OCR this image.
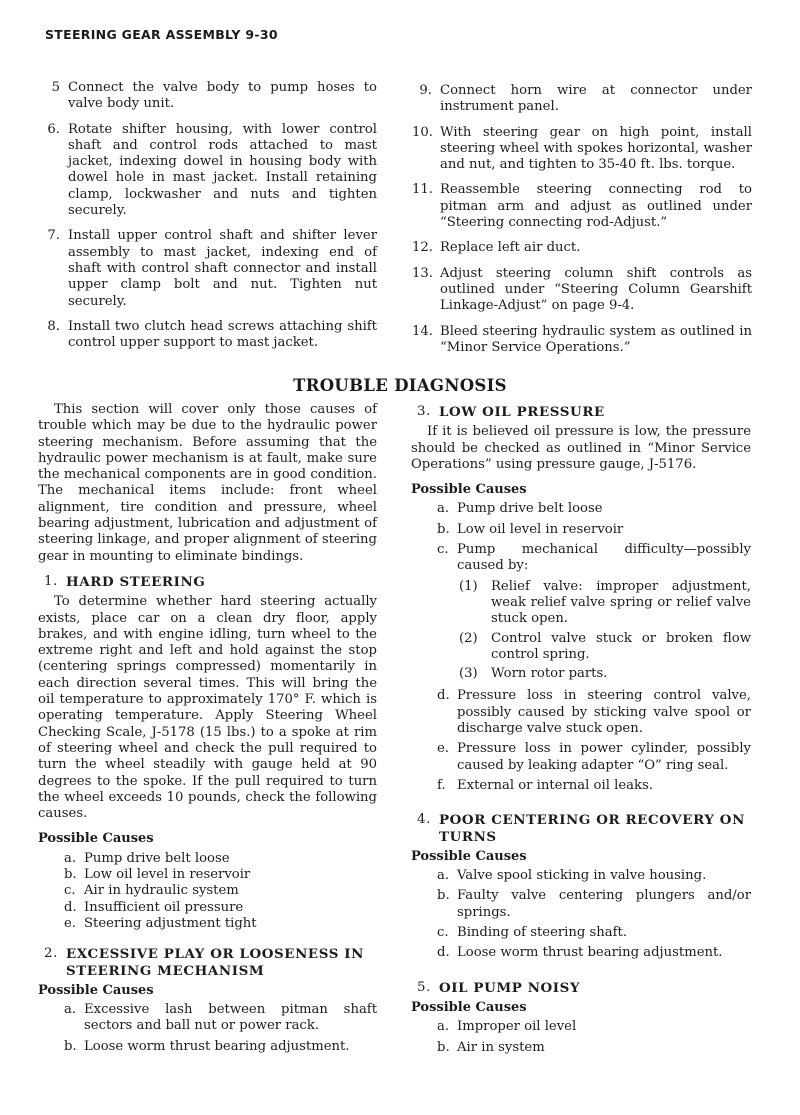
STEERING GEAR ASSEMBLY 9-30
5 Connect the valve body to pump hoses to valve body unit.
6. Rotate shifter housing, with lower control shaft and control rods attached to mast jacket, indexing dowel in housing body with dowel hole in mast jacket. Install retaining clamp, lockwasher and nuts and tighten securely.
7. Install upper control shaft and shifter lever assembly to mast jacket, indexing end of shaft with control shaft connector and install upper clamp bolt and nut. Tighten nut securely.
8. Install two clutch head screws attaching shift control upper support to mast jacket.
9. Connect horn wire at connector under instrument panel.
10. With steering gear on high point, install steering wheel with spokes horizontal, washer and nut, and tighten to 35-40 ft. lbs. torque.
11. Reassemble steering connecting rod to pitman arm and adjust as outlined under “Steering connecting rod-Adjust.”
12. Replace left air duct.
13. Adjust steering column shift controls as outlined under “Steering Column Gearshift Linkage-Adjust” on page 9-4.
14. Bleed steering hydraulic system as outlined in “Minor Service Operations.”
TROUBLE DIAGNOSIS

This section will cover only those causes of trouble which may be due to the hydraulic power steering mechanism. Before assuming that the hydraulic power mechanism is at fault, make sure the mechanical components are in good condition. The mechanical items include: front wheel alignment, tire condition and pressure, wheel bearing adjustment, lubrication and adjustment of steering linkage, and proper alignment of steering gear in mounting to eliminate bindings.

1. HARD STEERING

To determine whether hard steering actually exists, place car on a clean dry floor, apply brakes, and with engine idling, turn wheel to the extreme right and left and hold against the stop (centering springs compressed) momentarily in each direction several times. This will bring the oil temperature to approximately 170° F. which is operating temperature. Apply Steering Wheel Checking Scale, J-5178 (15 lbs.) to a spoke at rim of steering wheel and check the pull required to turn the wheel steadily with gauge held at 90 degrees to the spoke. If the pull required to turn the wheel exceeds 10 pounds, check the following causes.

Possible Causes
a. Pump drive belt loose
b. Low oil level in reservoir
c. Air in hydraulic system
d. Insufficient oil pressure
e. Steering adjustment tight
2. EXCESSIVE PLAY OR LOOSENESS IN STEERING MECHANISM
Possible Causes
a. Excessive lash between pitman shaft sectors and ball nut or power rack.
b. Loose worm thrust bearing adjustment.
3. LOW OIL PRESSURE

If it is believed oil pressure is low, the pressure should be checked as outlined in “Minor Service Operations” using pressure gauge, J-5176.

Possible Causes
a. Pump drive belt loose
b. Low oil level in reservoir
c. Pump mechanical difficulty—possibly caused by:
(1)	Relief valve: improper adjustment, weak relief valve spring or relief valve stuck open.
(2)	Control valve stuck or broken flow control spring.
(3)	Worn rotor parts.
d. Pressure loss in steering control valve, possibly caused by sticking valve spool or discharge valve stuck open.
e. Pressure loss in power cylinder, possibly caused by leaking adapter “O” ring seal.
f. External or internal oil leaks.
4. POOR CENTERING OR RECOVERY ON TURNS
Possible Causes
a. Valve spool sticking in valve housing.
b. Faulty valve centering plungers and/or springs.
c. Binding of steering shaft.
d. Loose worm thrust bearing adjustment.
5. OIL PUMP NOISY
Possible Causes
a. Improper oil level
b. Air in system
